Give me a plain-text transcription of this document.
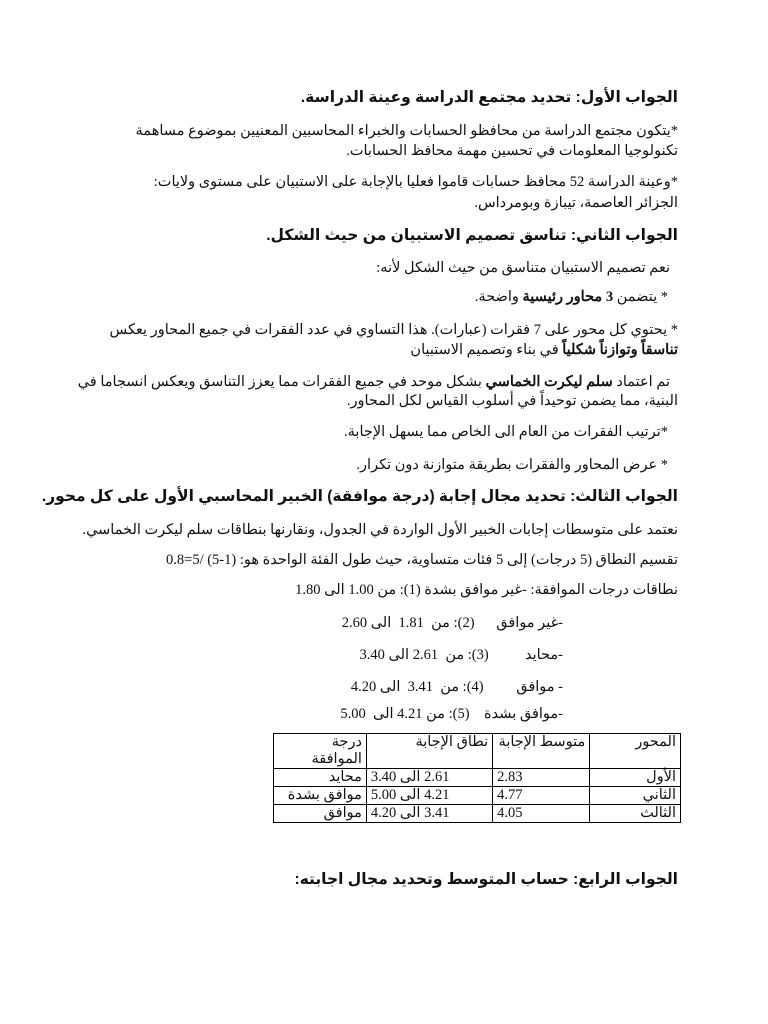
الجواب الأول: تحديد مجتمع الدراسة وعينة الدراسة.

*يتكون مجتمع الدراسة من محافظو الحسابات والخبراء المحاسبين المعنيين بموضوع مساهمة

تكنولوجيا المعلومات في تحسين مهمة محافظ الحسابات.

*وعينة الدراسة 52 محافظ حسابات قاموا فعليا بالإجابة على الاستبيان على مستوى ولايات:

الجزائر العاصمة، تيبازة وبومرداس.

الجواب الثاني: تناسق تصميم الاستبيان من حيث الشكل.

نعم تصميم الاستبيان متناسق من حيث الشكل لأنه:

* يتضمن 3 محاور رئيسية واضحة.

* يحتوي كل محور على 7 فقرات (عبارات). هذا التساوي في عدد الفقرات في جميع المحاور يعكس

تناسقاً وتوازناً شكلياً في بناء وتصميم الاستبيان

تم اعتماد سلم ليكرت الخماسي بشكل موحد في جميع الفقرات مما يعزز التناسق ويعكس انسجاما في

البنية، مما يضمن توحيداً في أسلوب القياس لكل المحاور.

*ترتيب الفقرات من العام الى الخاص مما يسهل الإجابة.

* عرض المحاور والفقرات بطريقة متوازنة دون تكرار.

الجواب الثالث: تحديد مجال إجابة (درجة موافقة) الخبير المحاسبي الأول على كل محور.

نعتمد على متوسطات إجابات الخبير الأول الواردة في الجدول، ونقارنها بنطاقات سلم ليكرت الخماسي.

تقسيم النطاق (5 درجات) إلى 5 فئات متساوية، حيث طول الفئة الواحدة هو: (1-5) /5=0.8

نطاقات درجات الموافقة: -غير موافق بشدة (1): من 1.00 الى 1.80

-غير موافق      (2): من  1.81  الى 2.60

-محايد          (3): من  2.61 الى 3.40

- موافق         (4): من  3.41  الى 4.20

-موافق بشدة    (5): من 4.21 الى  5.00

المحور	متوسط الإجابة	نطاق الإجابة	درجة الموافقة
الأول	2.83	2.61 الى 3.40	محايد
الثاني	4.77	4.21 الى 5.00	موافق بشدة
الثالث	4.05	3.41 الى 4.20	موافق

الجواب الرابع: حساب المتوسط وتحديد مجال اجابته:
